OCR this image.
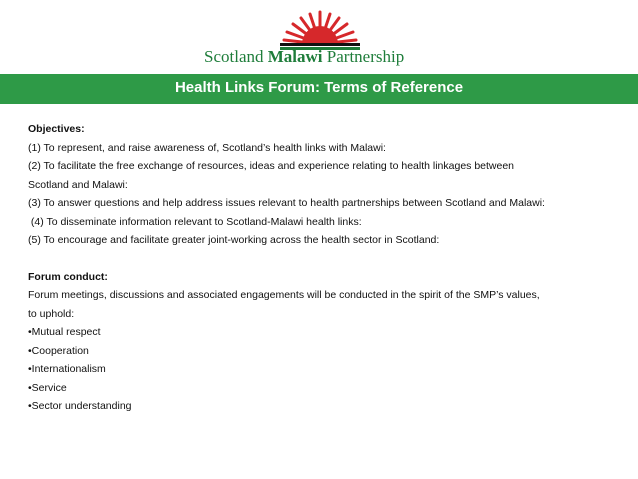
Scotland Malawi Partnership
Health Links Forum: Terms of Reference

Objectives:

(1) To represent, and raise awareness of, Scotland’s health links with Malawi:

(2) To facilitate the free exchange of resources, ideas and experience relating to health linkages between

Scotland and Malawi:

(3) To answer questions and help address issues relevant to health partnerships between Scotland and Malawi:

(4) To disseminate information relevant to Scotland-Malawi health links:

(5) To encourage and facilitate greater joint-working across the health sector in Scotland:

Forum conduct:

Forum meetings, discussions and associated engagements will be conducted in the spirit of the SMP’s values,

to uphold:

•Mutual respect

•Cooperation

•Internationalism

•Service

•Sector understanding
